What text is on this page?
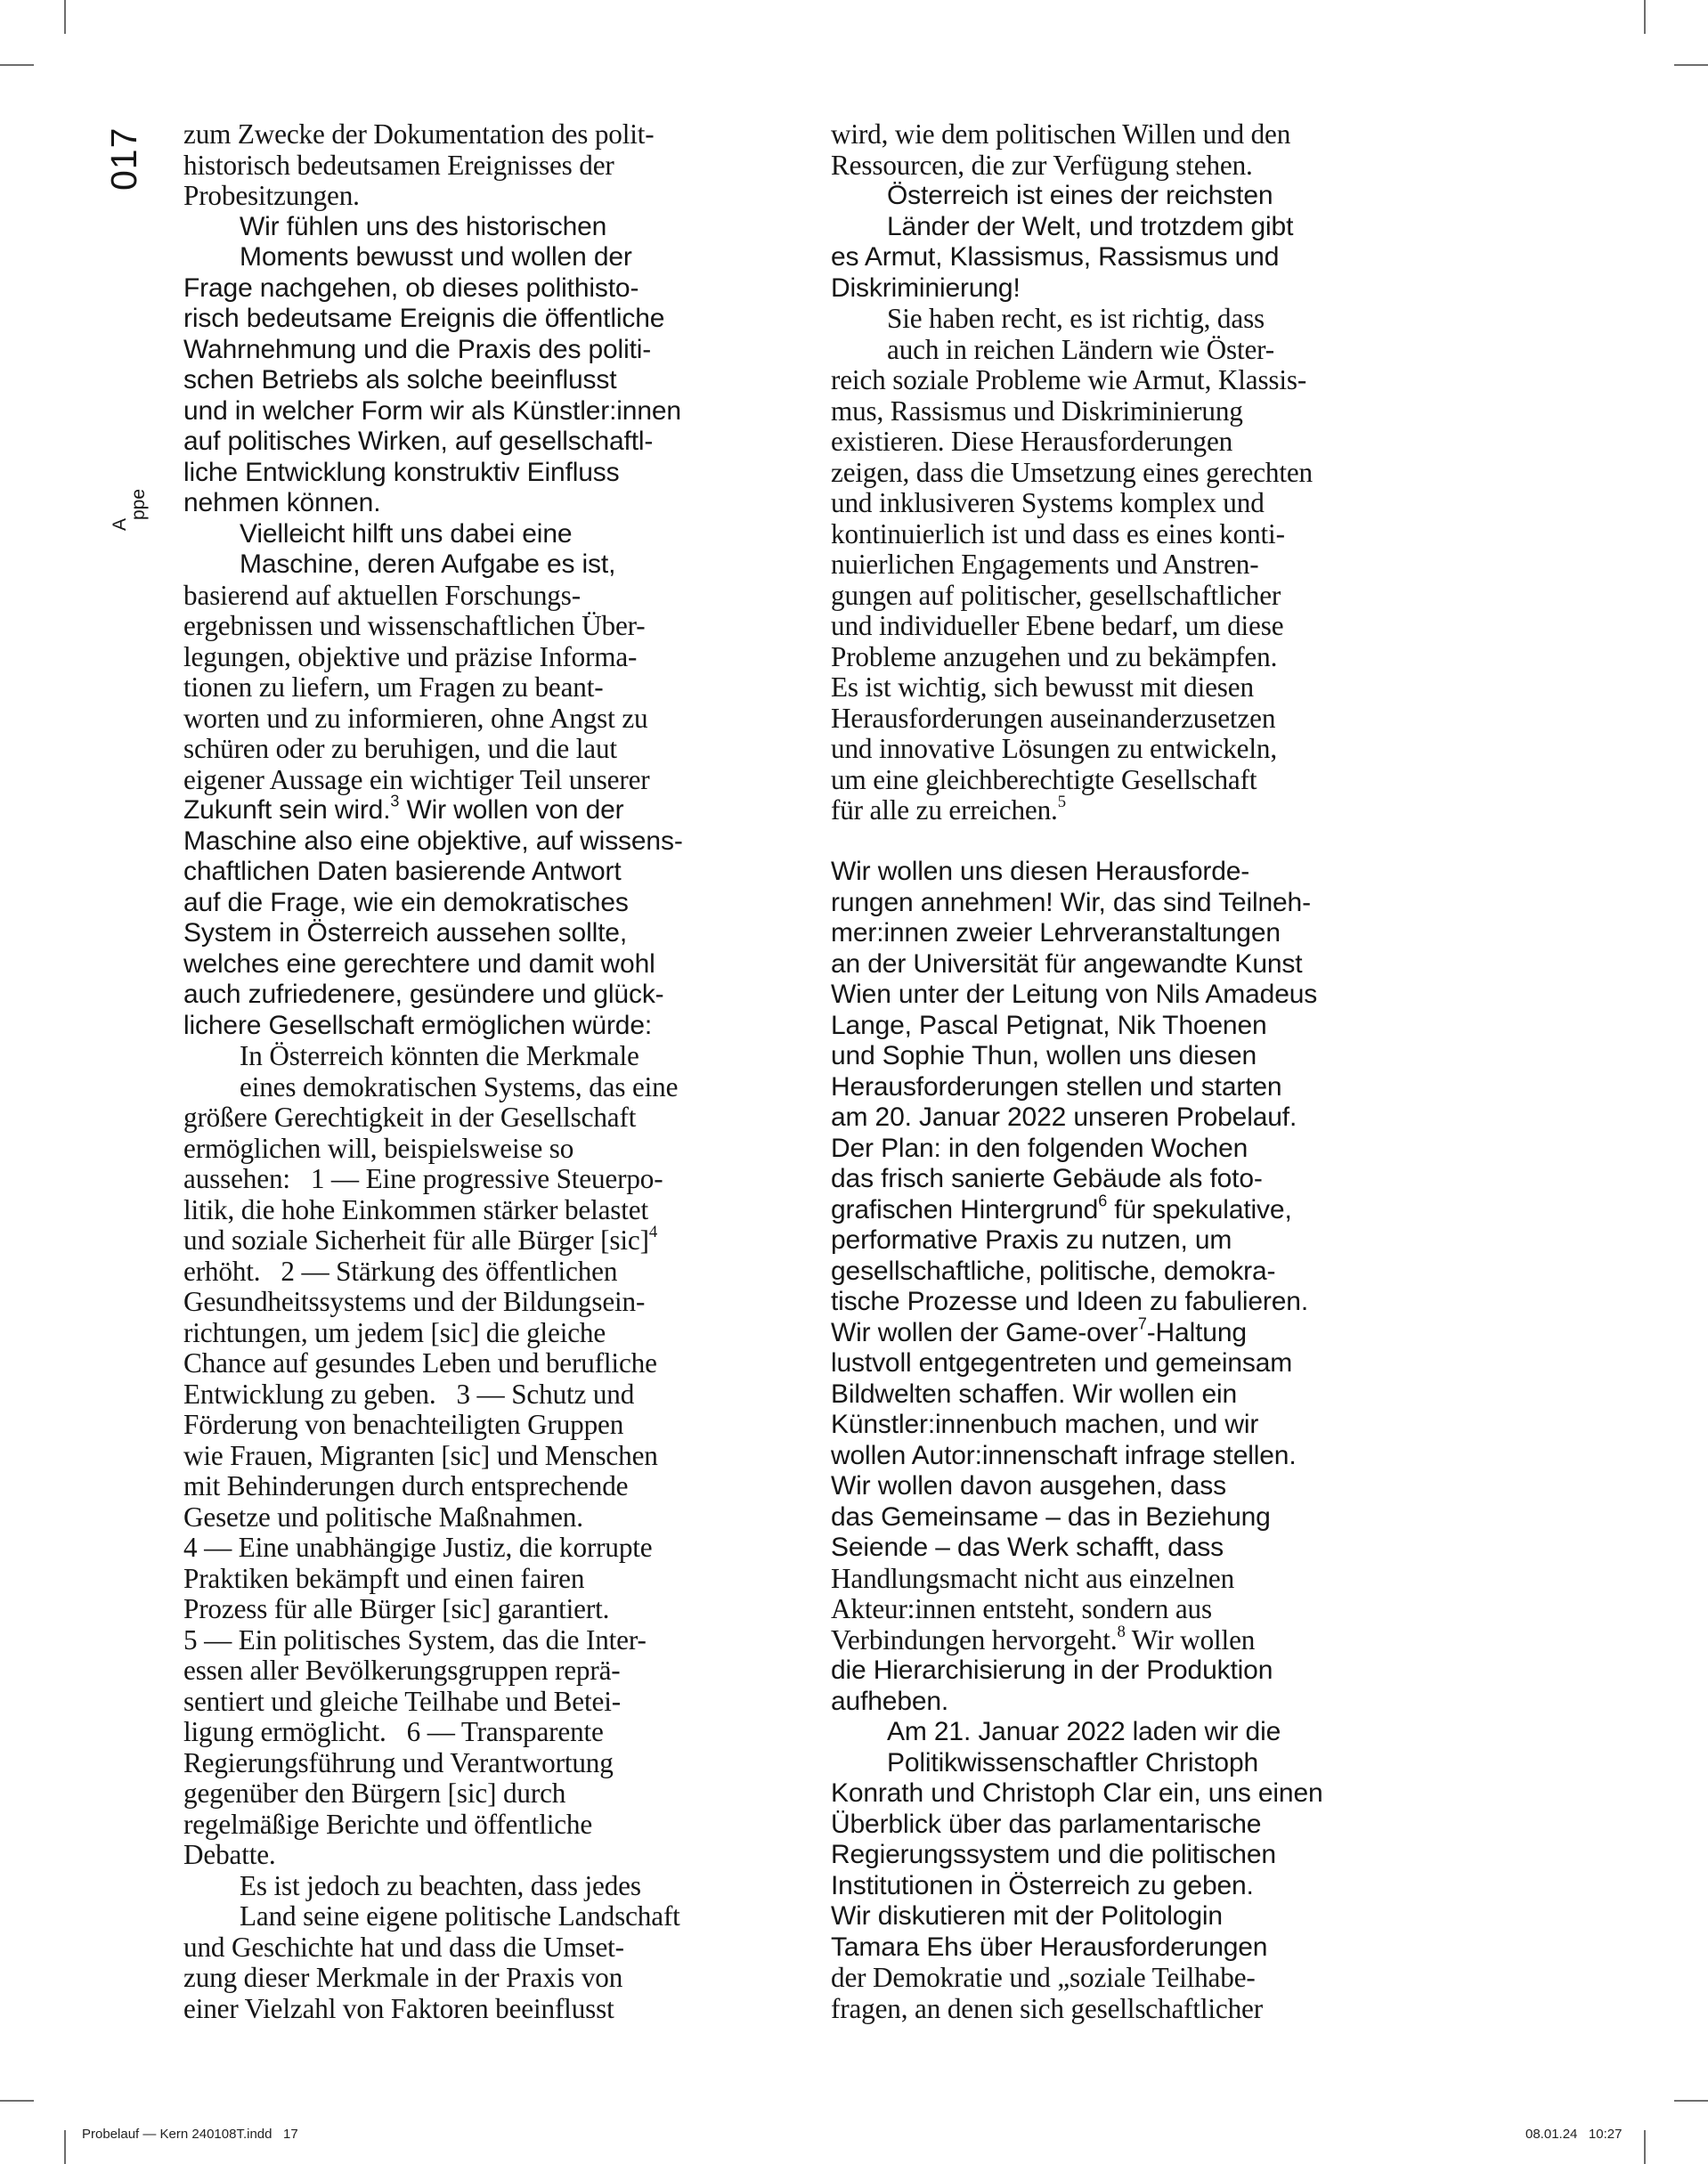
017
A
ppe
zum Zwecke der Dokumentation des polit-
historisch bedeutsamen Ereignisses der
Probesitzungen.
Wir fühlen uns des historischen
Moments bewusst und wollen der
Frage nachgehen, ob dieses polithisto-
risch bedeutsame Ereignis die öffentliche
Wahrnehmung und die Praxis des politi-
schen Betriebs als solche beeinflusst
und in welcher Form wir als Künstler:innen
auf politisches Wirken, auf gesellschaftl-
liche Entwicklung konstruktiv Einfluss
nehmen können.
Vielleicht hilft uns dabei eine
Maschine, deren Aufgabe es ist,
basierend auf aktuellen Forschungs-
ergebnissen und wissenschaftlichen Über-
legungen, objektive und präzise Informa-
tionen zu liefern, um Fragen zu beant-
worten und zu informieren, ohne Angst zu
schüren oder zu beruhigen, und die laut
eigener Aussage ein wichtiger Teil unserer
Zukunft sein wird.$^3$ Wir wollen von der
Maschine also eine objektive, auf wissens-
chaftlichen Daten basierende Antwort
auf die Frage, wie ein demokratisches
System in Österreich aussehen sollte,
welches eine gerechtere und damit wohl
auch zufriedenere, gesündere und glück-
lichere Gesellschaft ermöglichen würde:
In Österreich könnten die Merkmale
eines demokratischen Systems, das eine
größere Gerechtigkeit in der Gesellschaft
ermöglichen will, beispielsweise so
aussehen:   1 — Eine progressive Steuerpo-
litik, die hohe Einkommen stärker belastet
und soziale Sicherheit für alle Bürger [sic]$^4$
erhöht.   2 — Stärkung des öffentlichen
Gesundheitssystems und der Bildungsein-
richtungen, um jedem [sic] die gleiche
Chance auf gesundes Leben und berufliche
Entwicklung zu geben.   3 — Schutz und
Förderung von benachteiligten Gruppen
wie Frauen, Migranten [sic] und Menschen
mit Behinderungen durch entsprechende
Gesetze und politische Maßnahmen.
4 — Eine unabhängige Justiz, die korrupte
Praktiken bekämpft und einen fairen
Prozess für alle Bürger [sic] garantiert.
5 — Ein politisches System, das die Inter-
essen aller Bevölkerungsgruppen reprä-
sentiert und gleiche Teilhabe und Betei-
ligung ermöglicht.   6 — Transparente
Regierungsführung und Verantwortung
gegenüber den Bürgern [sic] durch
regelmäßige Berichte und öffentliche
Debatte.
Es ist jedoch zu beachten, dass jedes
Land seine eigene politische Landschaft
und Geschichte hat und dass die Umset-
zung dieser Merkmale in der Praxis von
einer Vielzahl von Faktoren beeinflusst
wird, wie dem politischen Willen und den
Ressourcen, die zur Verfügung stehen.
Österreich ist eines der reichsten
Länder der Welt, und trotzdem gibt
es Armut, Klassismus, Rassismus und
Diskriminierung!
Sie haben recht, es ist richtig, dass
auch in reichen Ländern wie Öster-
reich soziale Probleme wie Armut, Klassis-
mus, Rassismus und Diskriminierung
existieren. Diese Herausforderungen
zeigen, dass die Umsetzung eines gerechten
und inklusiveren Systems komplex und
kontinuierlich ist und dass es eines konti-
nuierlichen Engagements und Anstren-
gungen auf politischer, gesellschaftlicher
und individueller Ebene bedarf, um diese
Probleme anzugehen und zu bekämpfen.
Es ist wichtig, sich bewusst mit diesen
Herausforderungen auseinanderzusetzen
und innovative Lösungen zu entwickeln,
um eine gleichberechtigte Gesellschaft
für alle zu erreichen.$^5$
Wir wollen uns diesen Herausforde-
rungen annehmen! Wir, das sind Teilneh-
mer:innen zweier Lehrveranstaltungen
an der Universität für angewandte Kunst
Wien unter der Leitung von Nils Amadeus
Lange, Pascal Petignat, Nik Thoenen
und Sophie Thun, wollen uns diesen
Herausforderungen stellen und starten
am 20. Januar 2022 unseren Probelauf.
Der Plan: in den folgenden Wochen
das frisch sanierte Gebäude als foto-
grafischen Hintergrund$^6$ für spekulative,
performative Praxis zu nutzen, um
gesellschaftliche, politische, demokra-
tische Prozesse und Ideen zu fabulieren.
Wir wollen der Game-over$^7$-Haltung
lustvoll entgegentreten und gemeinsam
Bildwelten schaffen. Wir wollen ein
Künstler:innenbuch machen, und wir
wollen Autor:innenschaft infrage stellen.
Wir wollen davon ausgehen, dass
das Gemeinsame – das in Beziehung
Seiende – das Werk schafft, dass
Handlungsmacht nicht aus einzelnen
Akteur:innen entsteht, sondern aus
Verbindungen hervorgeht.$^8$ Wir wollen
die Hierarchisierung in der Produktion
aufheben.
Am 21. Januar 2022 laden wir die
Politikwissenschaftler Christoph
Konrath und Christoph Clar ein, uns einen
Überblick über das parlamentarische
Regierungssystem und die politischen
Institutionen in Österreich zu geben.
Wir diskutieren mit der Politologin
Tamara Ehs über Herausforderungen
der Demokratie und „soziale Teilhabe-
fragen, an denen sich gesellschaftlicher
Probelauf — Kern 240108T.indd   17	08.01.24   10:27
